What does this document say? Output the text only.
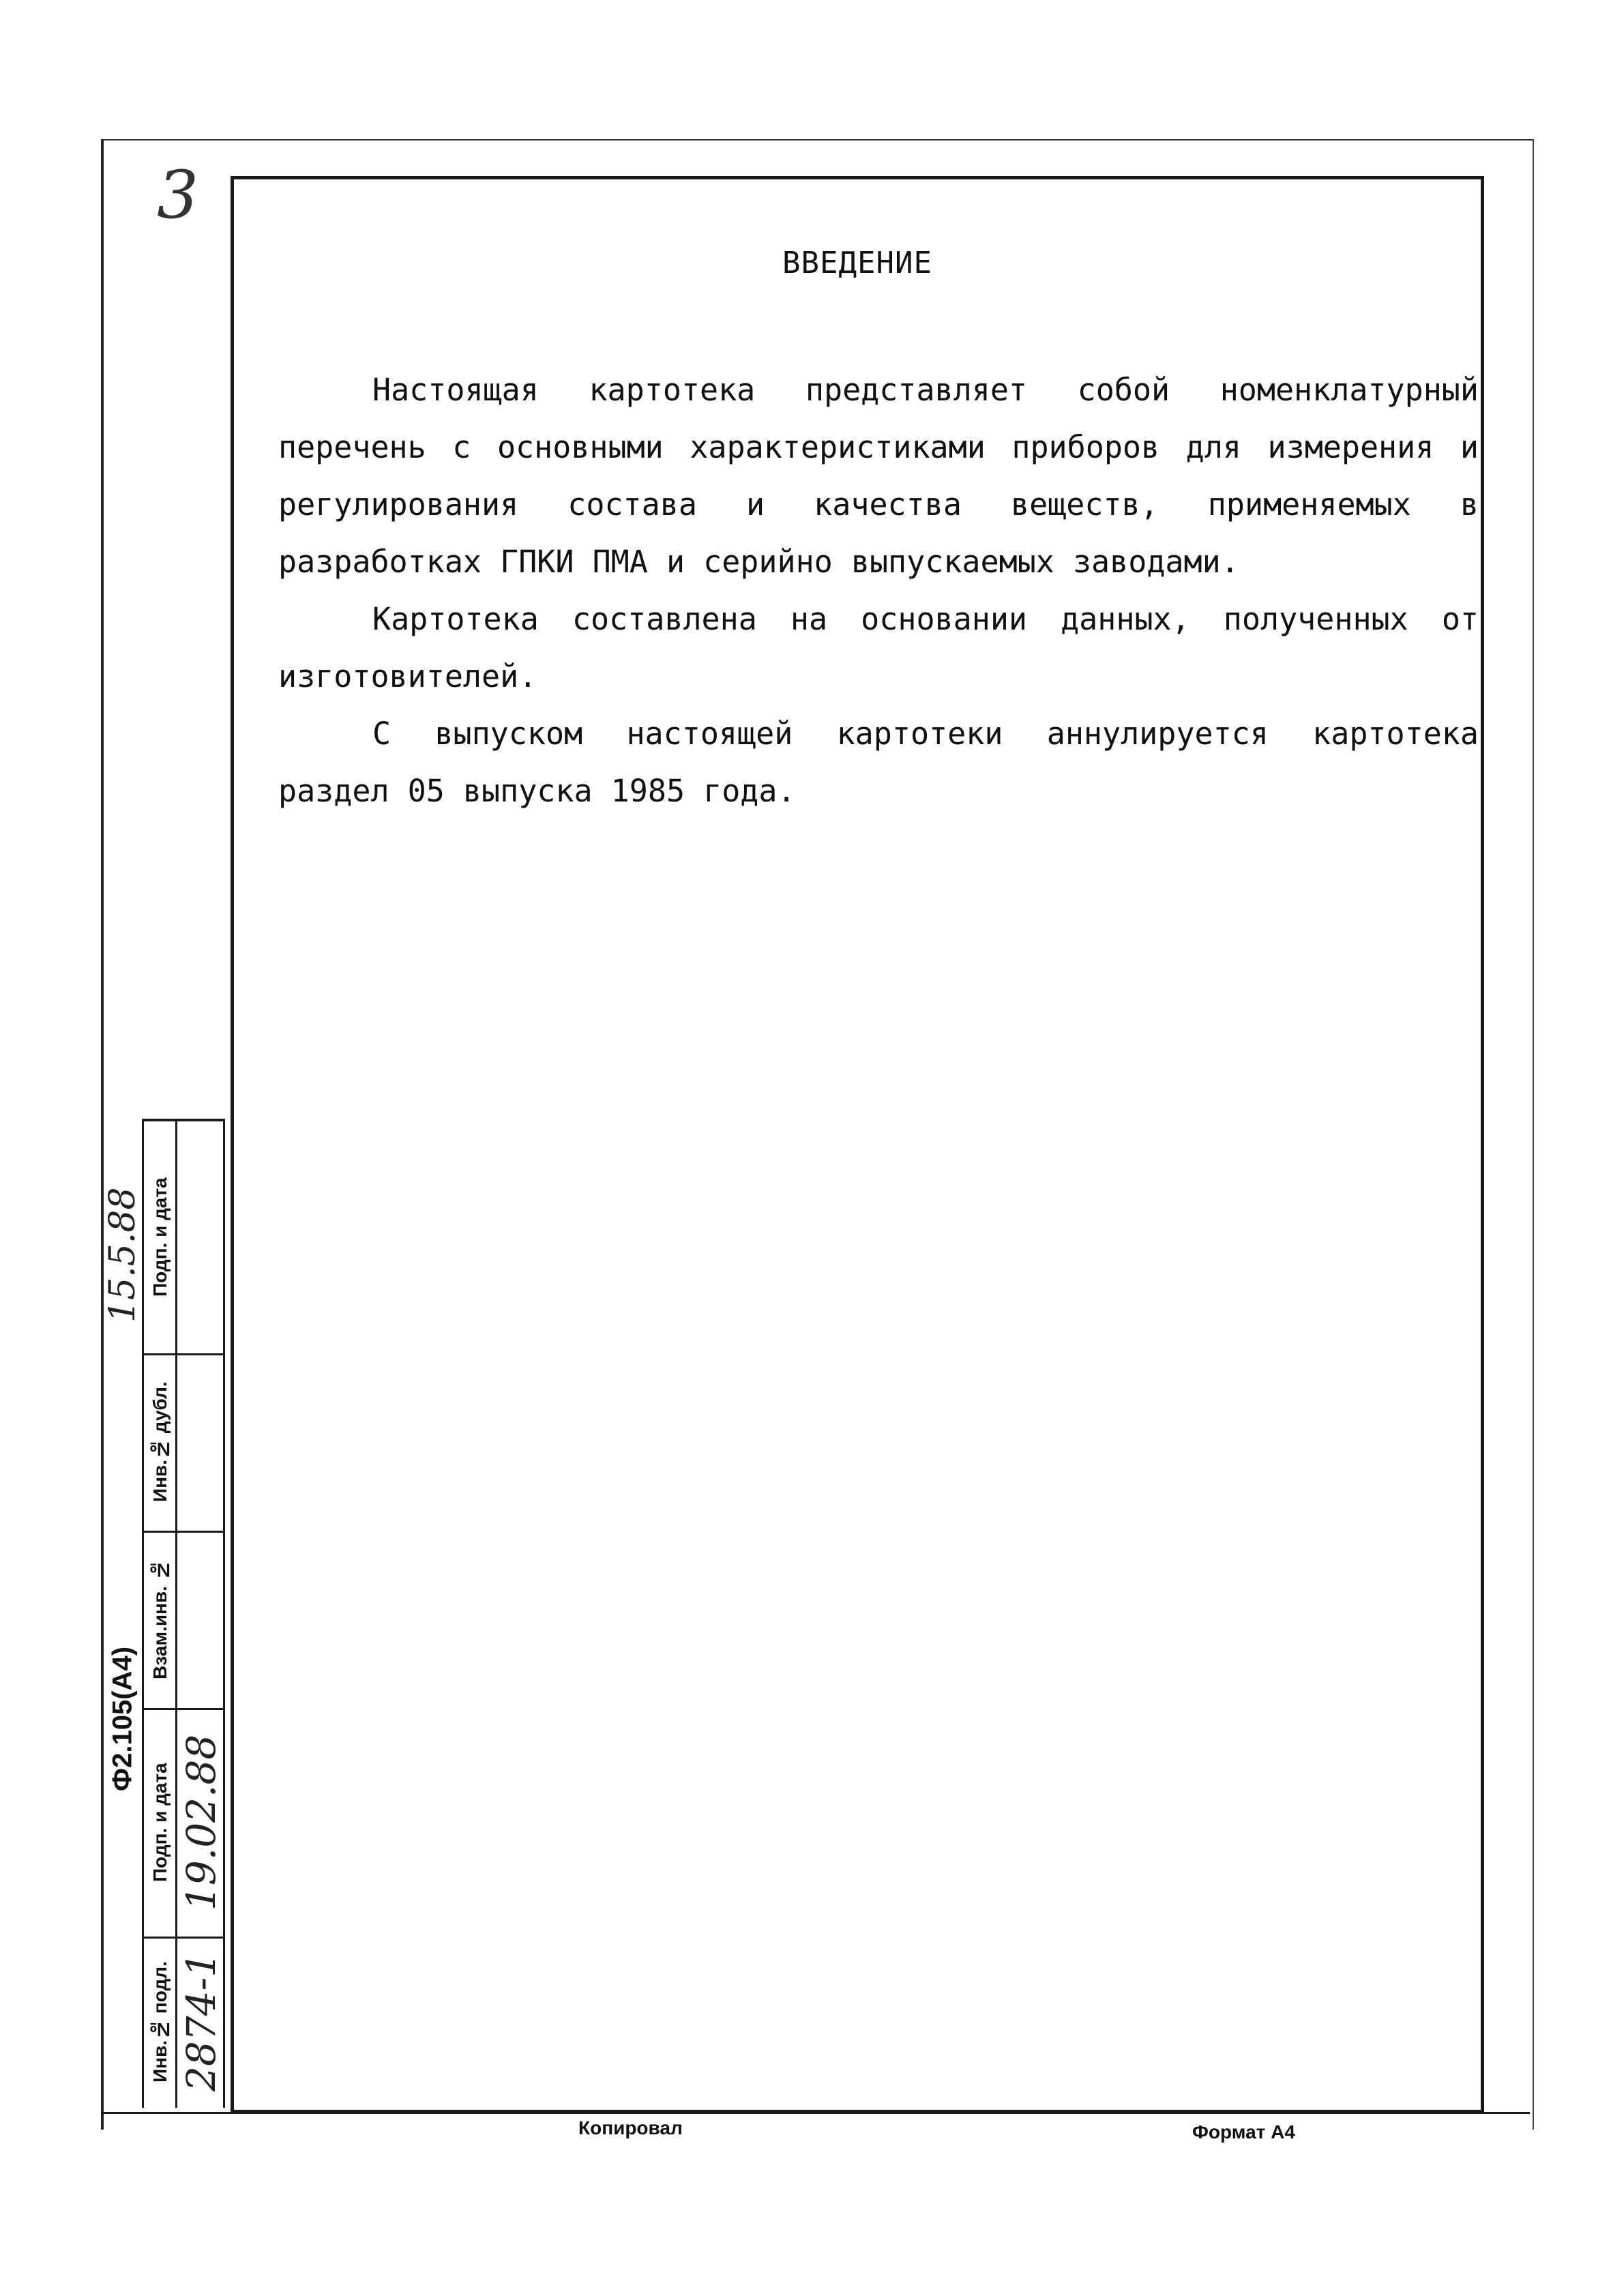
3
ВВЕДЕНИЕ

Настоящая картотека представляет собой номенклатурный перечень с основными характеристиками приборов для измерения и регулирования состава и качества веществ, применяемых в разработках ГПКИ ПМА и серийно выпускаемых заводами.

Картотека составлена на основании данных, полученных от изготовителей.

С выпуском настоящей картотеки аннулируется картотека раздел 05 выпуска 1985 года.

15.5.88
Ф2.105(А4)
Подп. и дата
Инв.№ дубл.
Взам.инв. №
Подп. и дата
Инв.№ подл.
19.02.88
2874-1
Копировал	Формат А4
